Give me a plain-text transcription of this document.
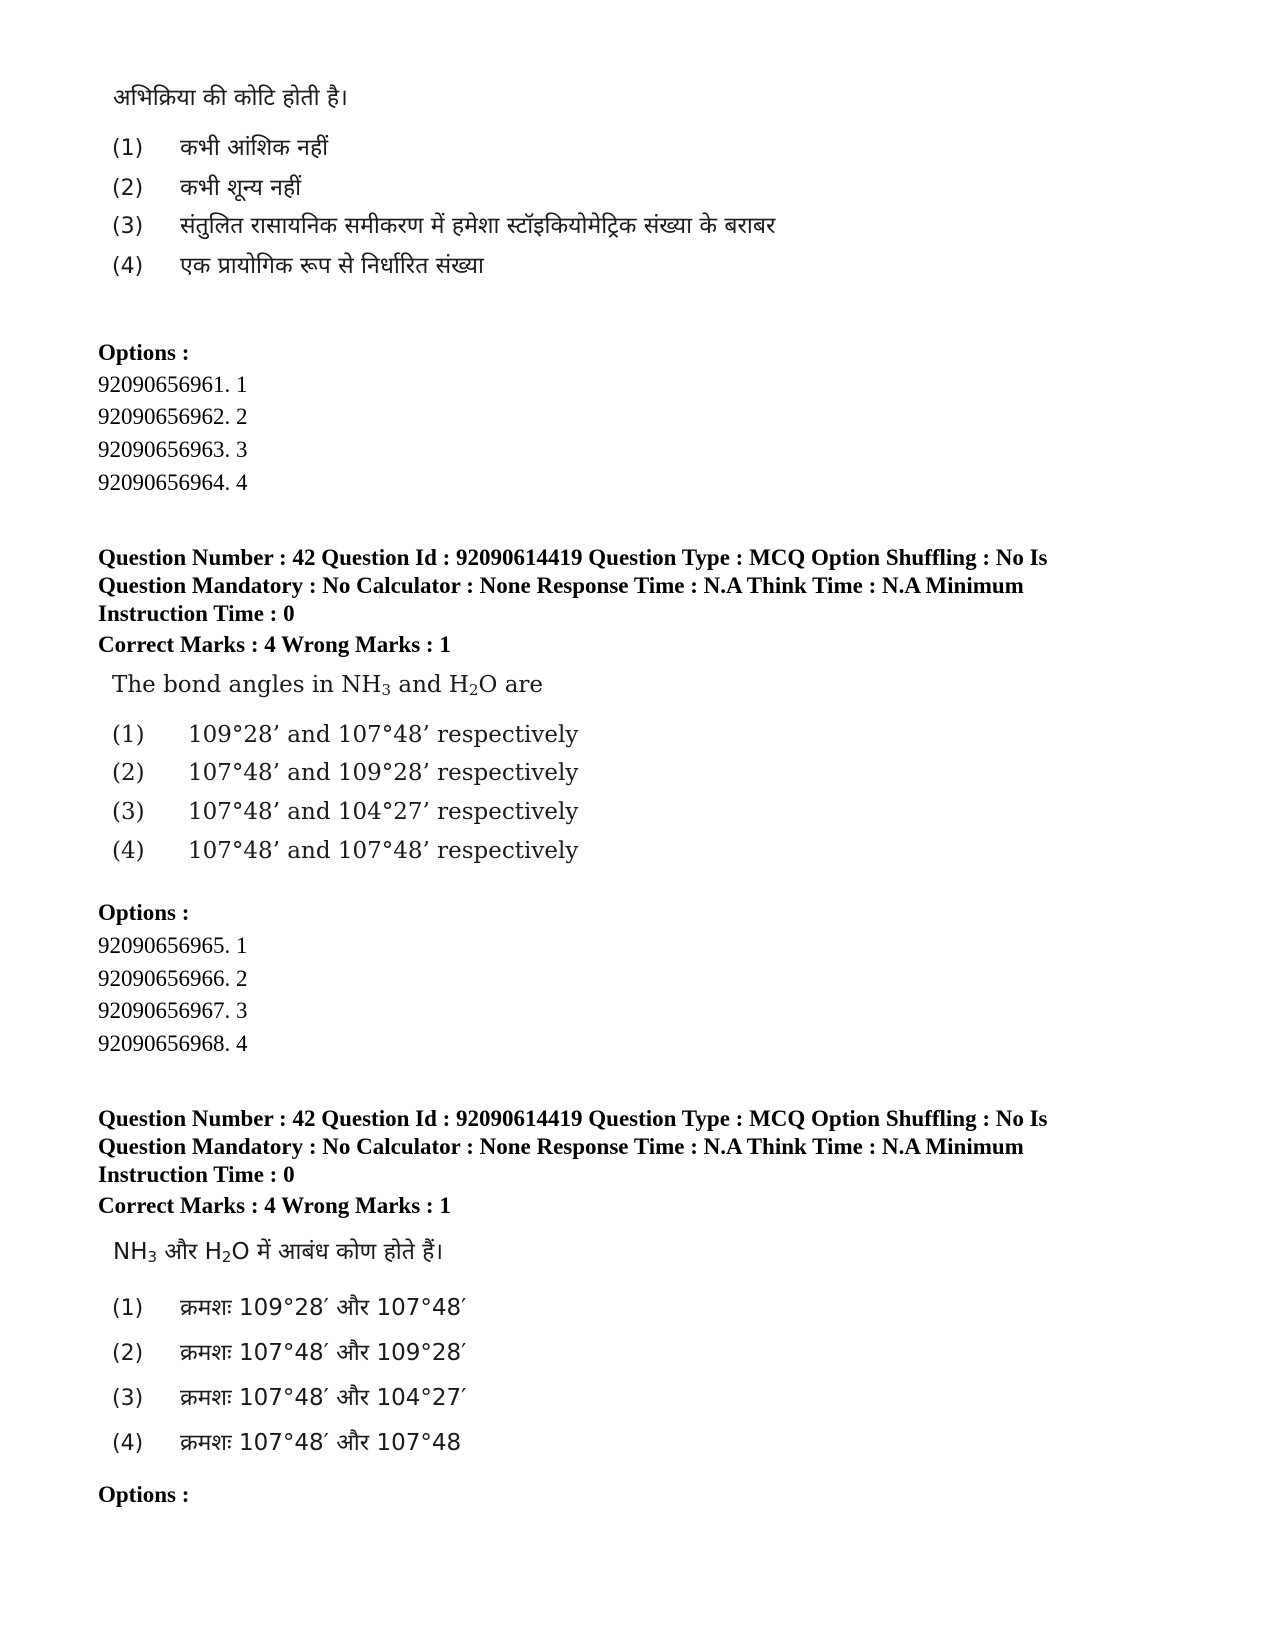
अभिक्रिया की कोटि होती है।
(1)	कभी आंशिक नहीं
(2)	कभी शून्य नहीं
(3)	संतुलित रासायनिक समीकरण में हमेशा स्टॉइकियोमेट्रिक संख्या के बराबर
(4)	एक प्रायोगिक रूप से निर्धारित संख्या
Options :
92090656961. 1
92090656962. 2
92090656963. 3
92090656964. 4
Question Number : 42 Question Id : 92090614419 Question Type : MCQ Option Shuffling : No Is
Question Mandatory : No Calculator : None Response Time : N.A Think Time : N.A Minimum
Instruction Time : 0
Correct Marks : 4 Wrong Marks : 1
The bond angles in $NH_3$ and $H_2O$ are
(1)	109°28’ and 107°48’ respectively
(2)	107°48’ and 109°28’ respectively
(3)	107°48’ and 104°27’ respectively
(4)	107°48’ and 107°48’ respectively
Options :
92090656965. 1
92090656966. 2
92090656967. 3
92090656968. 4
Question Number : 42 Question Id : 92090614419 Question Type : MCQ Option Shuffling : No Is
Question Mandatory : No Calculator : None Response Time : N.A Think Time : N.A Minimum
Instruction Time : 0
Correct Marks : 4 Wrong Marks : 1
$NH_3$ और $H_2O$ में आबंध कोण होते हैं।
(1)	क्रमशः 109°28′ और 107°48′
(2)	क्रमशः 107°48′ और 109°28′
(3)	क्रमशः 107°48′ और 104°27′
(4)	क्रमशः 107°48′ और 107°48
Options :
